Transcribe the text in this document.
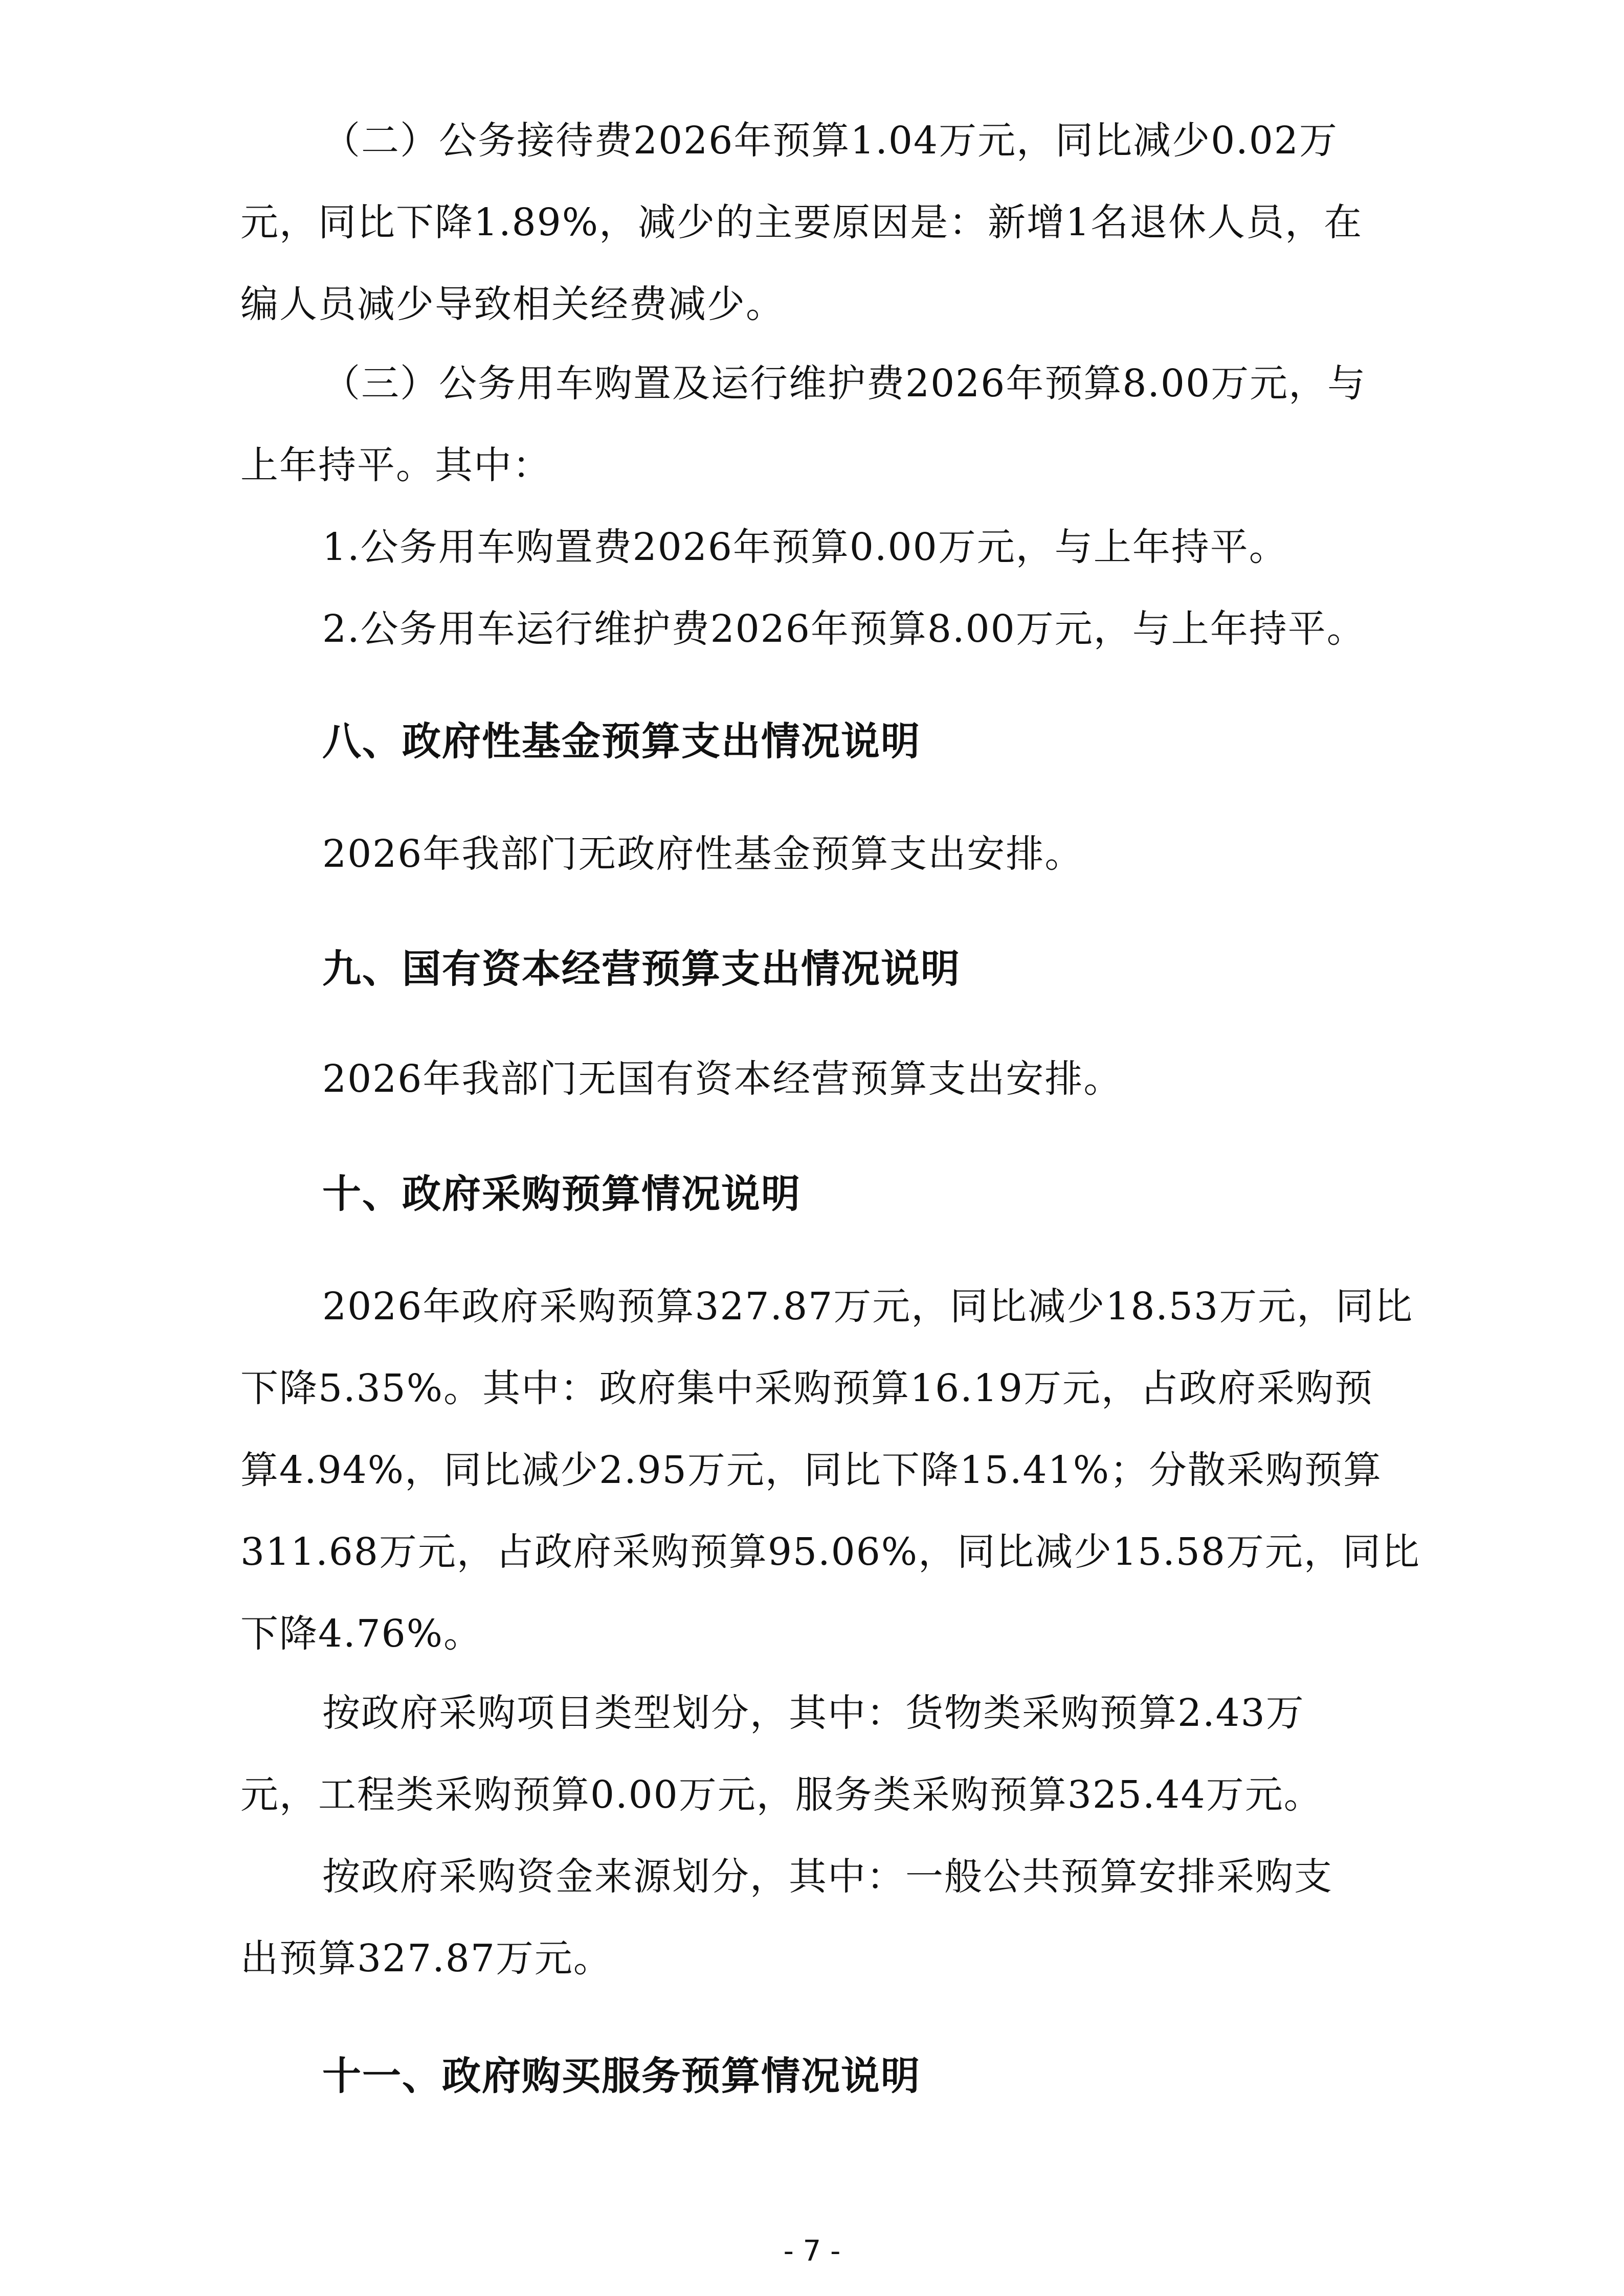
（二）公务接待费2026年预算1.04万元，同比减少0.02万
元，同比下降1.89%，减少的主要原因是：新增1名退休人员，在
编人员减少导致相关经费减少。
（三）公务用车购置及运行维护费2026年预算8.00万元，与
上年持平。其中：
1.公务用车购置费2026年预算0.00万元，与上年持平。
2.公务用车运行维护费2026年预算8.00万元，与上年持平。
八、政府性基金预算支出情况说明
2026年我部门无政府性基金预算支出安排。
九、国有资本经营预算支出情况说明
2026年我部门无国有资本经营预算支出安排。
十、政府采购预算情况说明
2026年政府采购预算327.87万元，同比减少18.53万元，同比
下降5.35%。其中：政府集中采购预算16.19万元，占政府采购预
算4.94%，同比减少2.95万元，同比下降15.41%；分散采购预算
311.68万元，占政府采购预算95.06%，同比减少15.58万元，同比
下降4.76%。
按政府采购项目类型划分，其中：货物类采购预算2.43万
元，工程类采购预算0.00万元，服务类采购预算325.44万元。
按政府采购资金来源划分，其中：一般公共预算安排采购支
出预算327.87万元。
十一、政府购买服务预算情况说明
- 7 -
